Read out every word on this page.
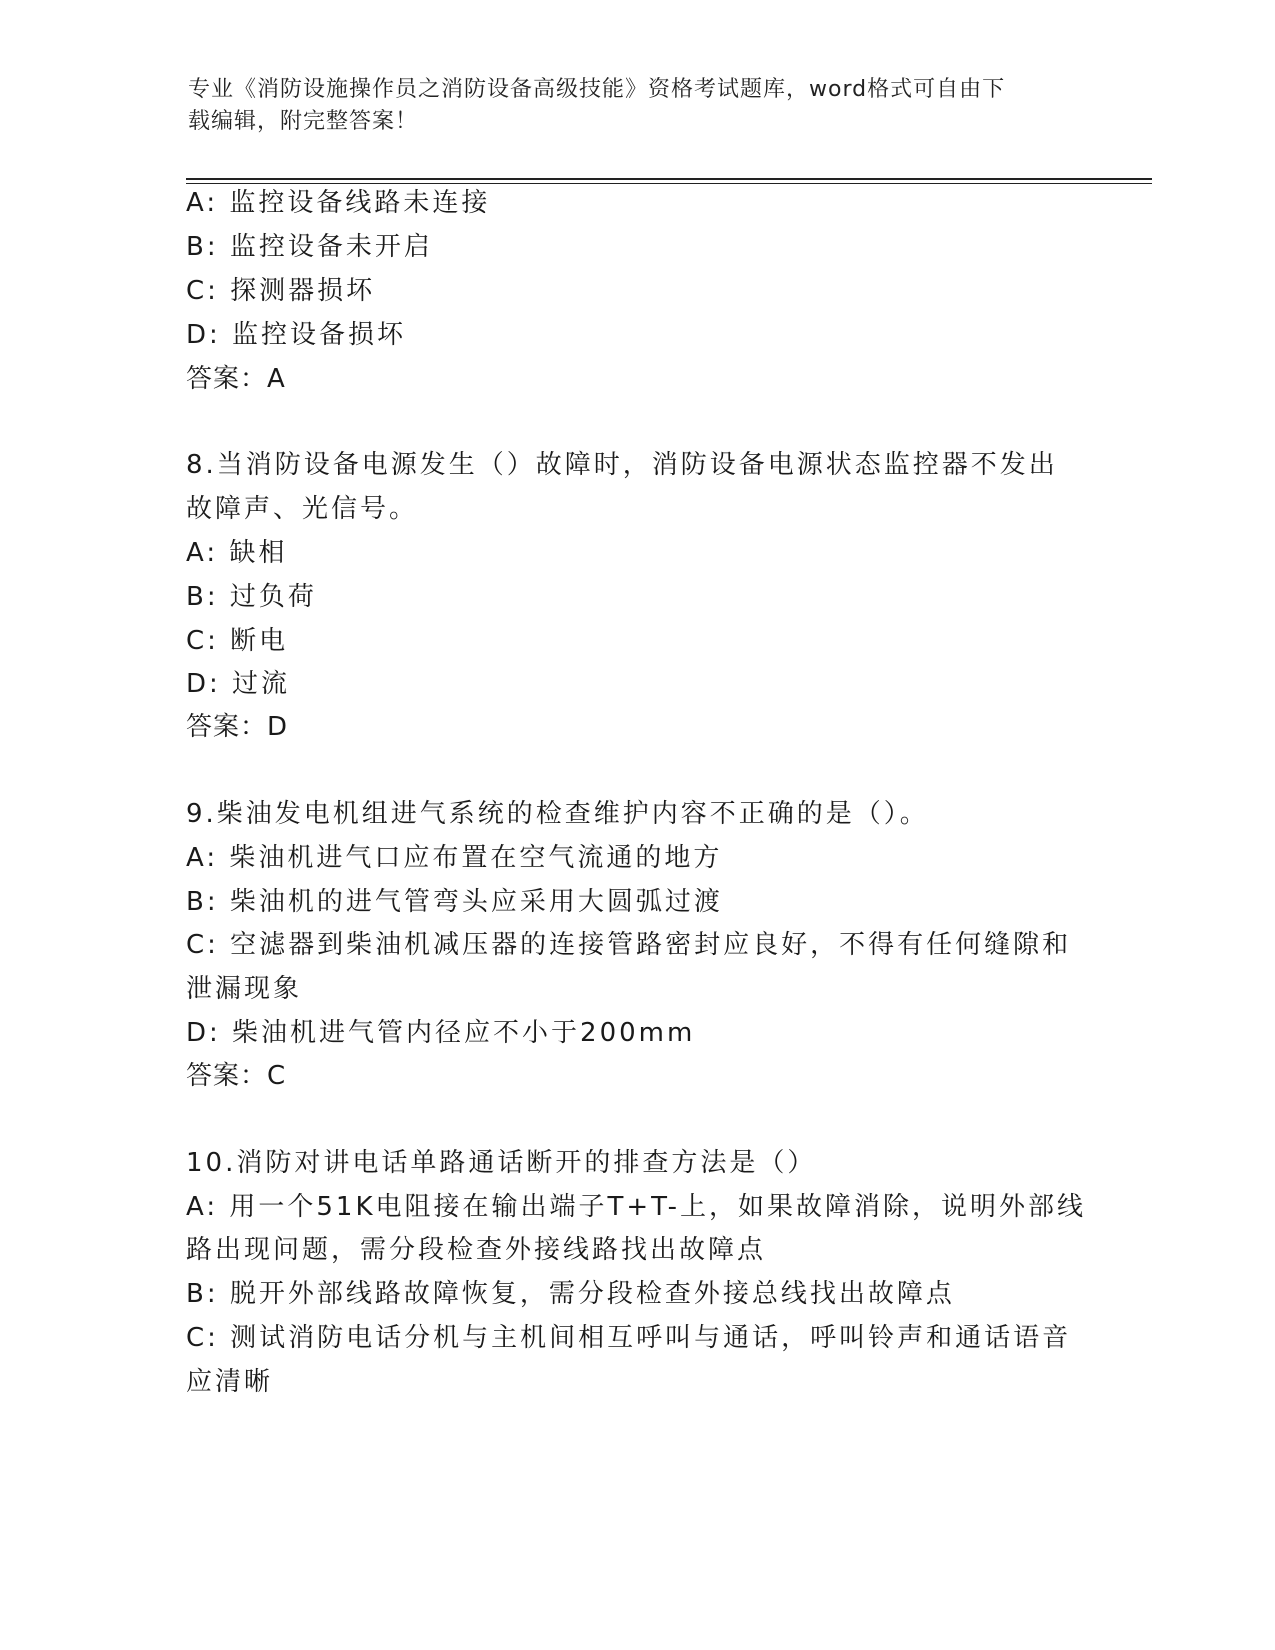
专业《消防设施操作员之消防设备高级技能》资格考试题库，word格式可自由下
载编辑，附完整答案！
A: 监控设备线路未连接
B: 监控设备未开启
C: 探测器损坏
D: 监控设备损坏
答案：A
8.当消防设备电源发生（）故障时，消防设备电源状态监控器不发出
故障声、光信号。
A: 缺相
B: 过负荷
C: 断电
D: 过流
答案：D
9.柴油发电机组进气系统的检查维护内容不正确的是（）。
A: 柴油机进气口应布置在空气流通的地方
B: 柴油机的进气管弯头应采用大圆弧过渡
C: 空滤器到柴油机减压器的连接管路密封应良好，不得有任何缝隙和
泄漏现象
D: 柴油机进气管内径应不小于200mm
答案：C
10.消防对讲电话单路通话断开的排查方法是（）
A: 用一个51K电阻接在输出端子T+T-上，如果故障消除，说明外部线
路出现问题，需分段检查外接线路找出故障点
B: 脱开外部线路故障恢复，需分段检查外接总线找出故障点
C: 测试消防电话分机与主机间相互呼叫与通话，呼叫铃声和通话语音
应清晰
